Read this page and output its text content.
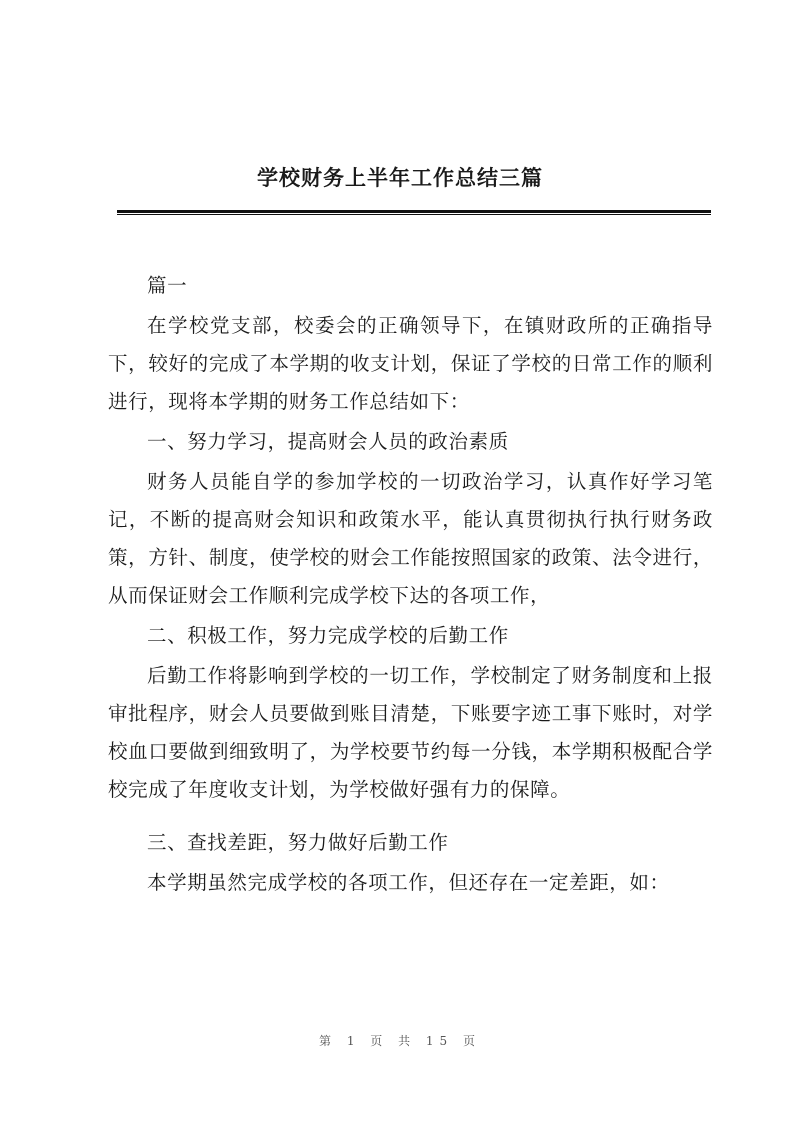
学校财务上半年工作总结三篇

篇一

在学校党支部，校委会的正确领导下，在镇财政所的正确指导下，较好的完成了本学期的收支计划，保证了学校的日常工作的顺利进行，现将本学期的财务工作总结如下：

一、努力学习，提高财会人员的政治素质

财务人员能自学的参加学校的一切政治学习，认真作好学习笔记，不断的提高财会知识和政策水平，能认真贯彻执行执行财务政策，方针、制度，使学校的财会工作能按照国家的政策、法令进行，从而保证财会工作顺利完成学校下达的各项工作，

二、积极工作，努力完成学校的后勤工作

后勤工作将影响到学校的一切工作，学校制定了财务制度和上报审批程序，财会人员要做到账目清楚，下账要字迹工事下账时，对学校血口要做到细致明了，为学校要节约每一分钱，本学期积极配合学校完成了年度收支计划，为学校做好强有力的保障。

三、查找差距，努力做好后勤工作

本学期虽然完成学校的各项工作，但还存在一定差距，如：

第 1 页 共 15 页
